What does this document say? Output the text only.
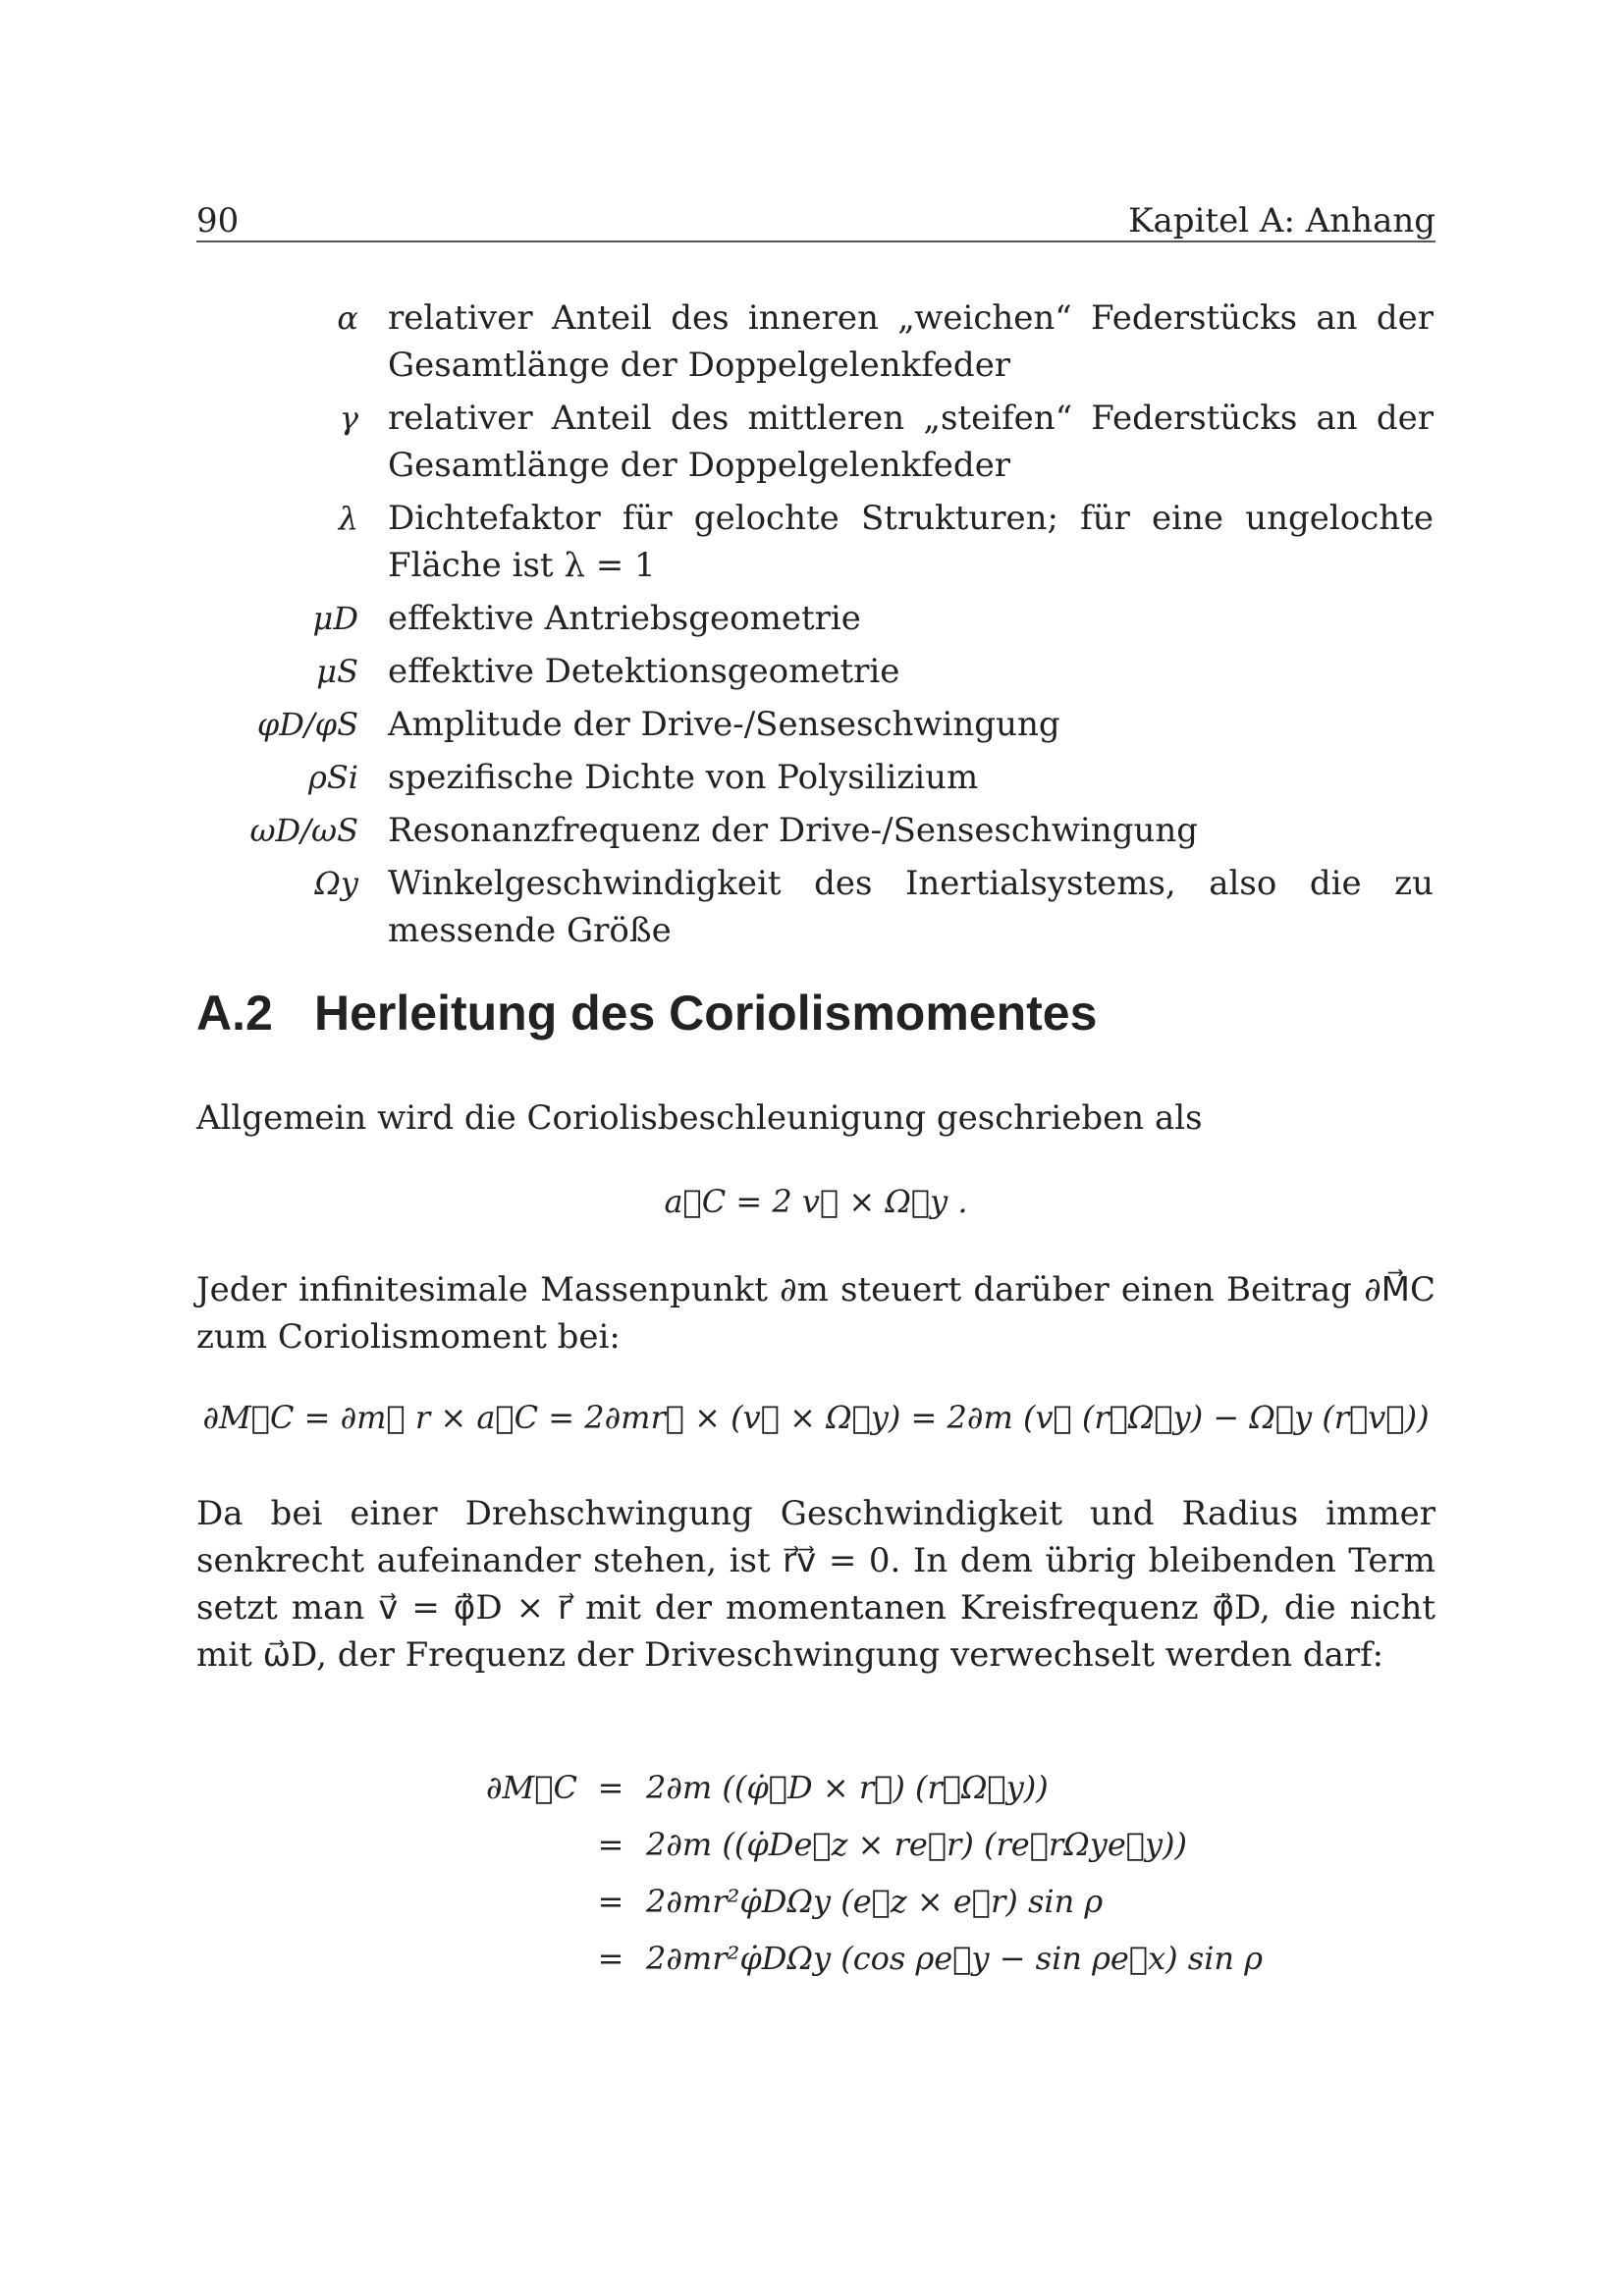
90	Kapitel A: Anhang
α relativer Anteil des inneren „weichen“ Federstücks an der Gesamtlänge der Doppelgelenkfeder
γ relativer Anteil des mittleren „steifen“ Federstücks an der Gesamtlänge der Doppelgelenkfeder
λ Dichtefaktor für gelochte Strukturen; für eine ungelochte Fläche ist λ = 1
μD effektive Antriebsgeometrie
μS effektive Detektionsgeometrie
φD/φS Amplitude der Drive-/Senseschwingung
ρSi spezifische Dichte von Polysilizium
ωD/ωS Resonanzfrequenz der Drive-/Senseschwingung
Ωy Winkelgeschwindigkeit des Inertialsystems, also die zu messende Größe
A.2 Herleitung des Coriolismomentes
Allgemein wird die Coriolisbeschleunigung geschrieben als
a⃗C = 2 v⃗ × Ω⃗y .
Jeder infinitesimale Massenpunkt ∂m steuert darüber einen Beitrag ∂M⃗C zum Coriolismoment bei:
∂M⃗C = ∂m⃗ r × a⃗C = 2∂mr⃗ × (v⃗ × Ω⃗y) = 2∂m (v⃗ (r⃗Ω⃗y) − Ω⃗y (r⃗v⃗))
Da bei einer Drehschwingung Geschwindigkeit und Radius immer senkrecht aufeinander stehen, ist r⃗v⃗ = 0. In dem übrig bleibenden Term setzt man v⃗ = φ̇⃗D × r⃗ mit der momentanen Kreisfrequenz φ̇⃗D, die nicht mit ω⃗D, der Frequenz der Driveschwingung verwechselt werden darf:
∂M⃗C = 2∂m ((φ̇⃗D × r⃗) (r⃗Ω⃗y))
= 2∂m ((φ̇De⃗z × re⃗r) (re⃗rΩye⃗y))
= 2∂mr²φ̇DΩy (e⃗z × e⃗r) sin ρ
= 2∂mr²φ̇DΩy (cos ρe⃗y − sin ρe⃗x) sin ρ
